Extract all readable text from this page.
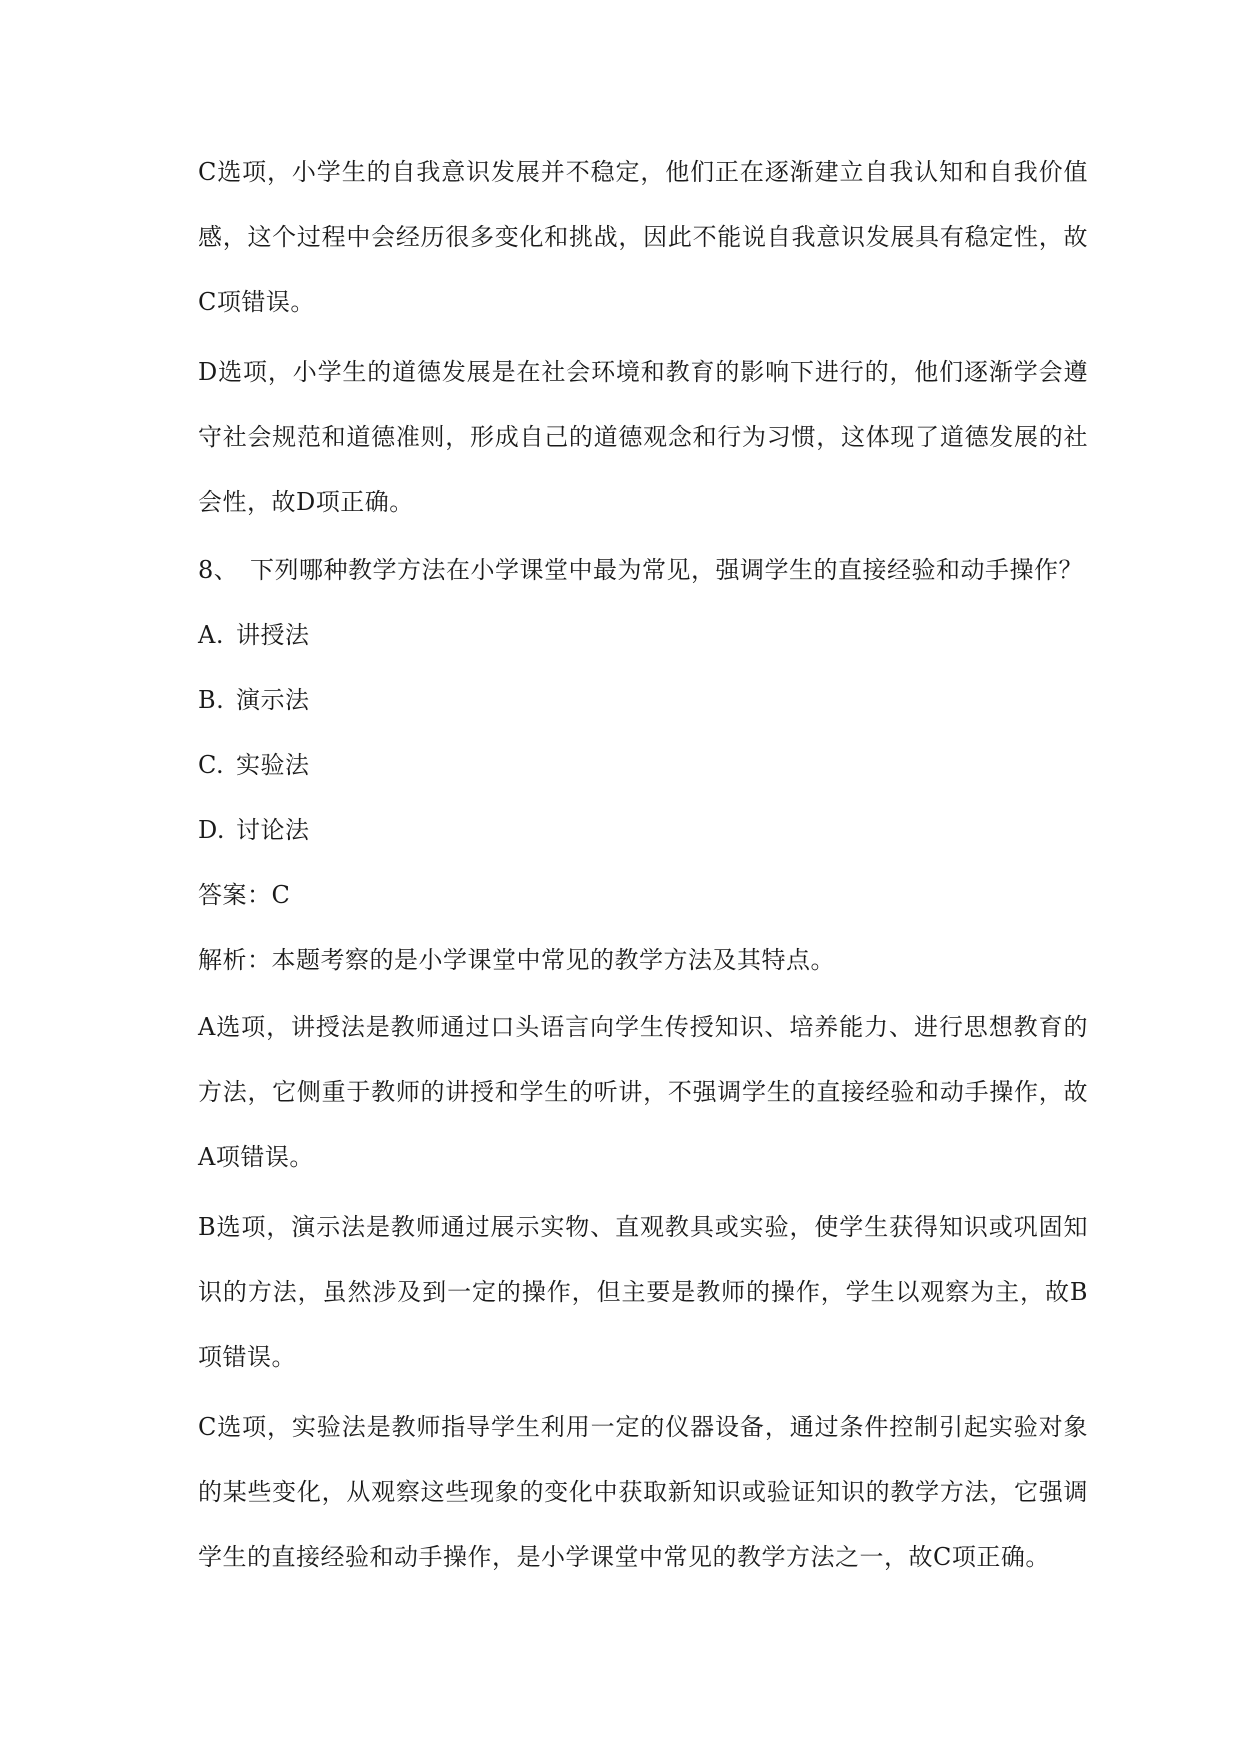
C选项，小学生的自我意识发展并不稳定，他们正在逐渐建立自我认知和自我价值感，这个过程中会经历很多变化和挑战，因此不能说自我意识发展具有稳定性，故C项错误。

D选项，小学生的道德发展是在社会环境和教育的影响下进行的，他们逐渐学会遵守社会规范和道德准则，形成自己的道德观念和行为习惯，这体现了道德发展的社会性，故D项正确。

8、 下列哪种教学方法在小学课堂中最为常见，强调学生的直接经验和动手操作？

A. 讲授法

B. 演示法

C. 实验法

D. 讨论法

答案：C

解析：本题考察的是小学课堂中常见的教学方法及其特点。

A选项，讲授法是教师通过口头语言向学生传授知识、培养能力、进行思想教育的方法，它侧重于教师的讲授和学生的听讲，不强调学生的直接经验和动手操作，故A项错误。

B选项，演示法是教师通过展示实物、直观教具或实验，使学生获得知识或巩固知识的方法，虽然涉及到一定的操作，但主要是教师的操作，学生以观察为主，故B项错误。

C选项，实验法是教师指导学生利用一定的仪器设备，通过条件控制引起实验对象的某些变化，从观察这些现象的变化中获取新知识或验证知识的教学方法，它强调学生的直接经验和动手操作，是小学课堂中常见的教学方法之一，故C项正确。
